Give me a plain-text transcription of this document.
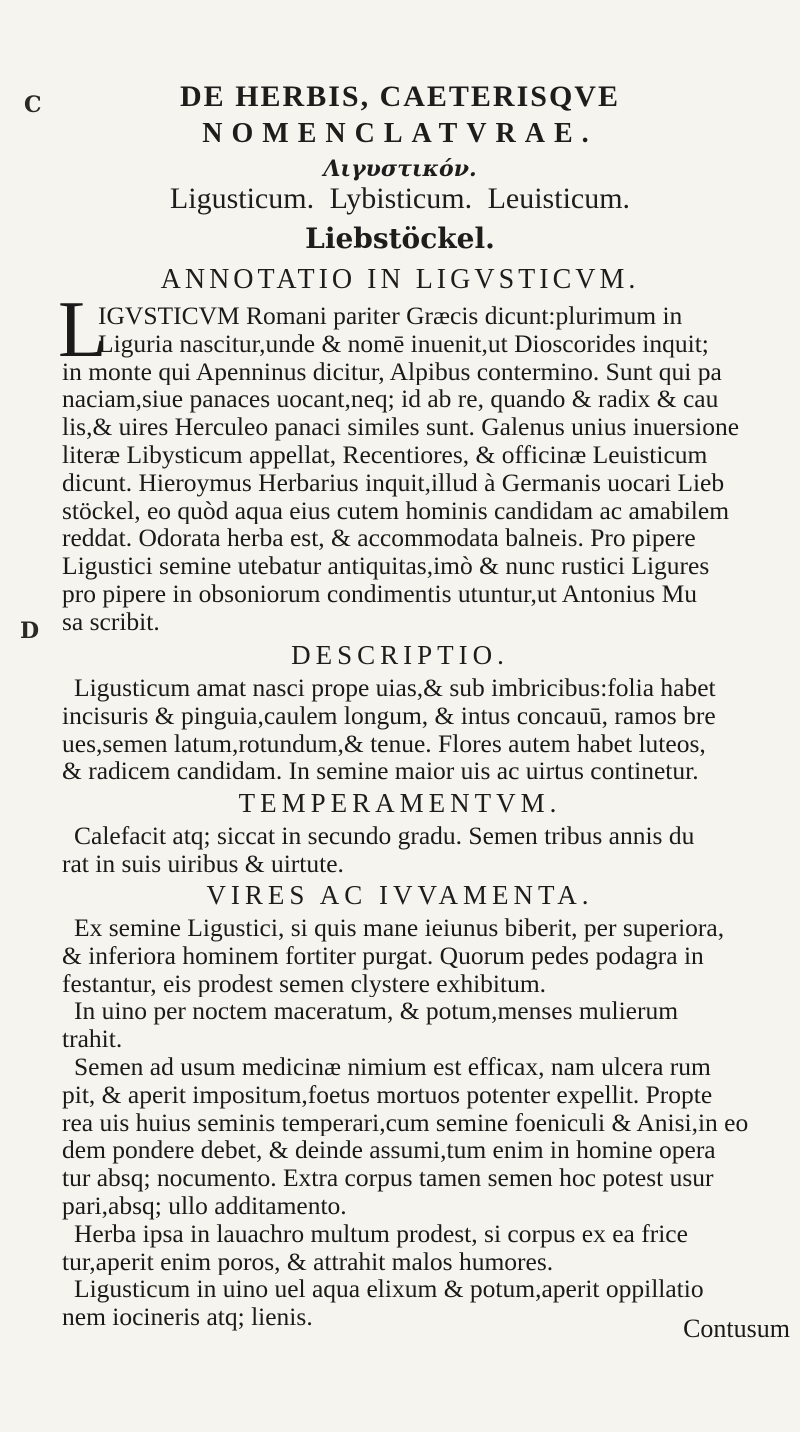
C
D
DE HERBIS, CAETERISQVE
NOMENCLATVRAE.
Λιγυστικόν.
Ligusticum. Lybisticum. Leuisticum.
Liebstöckel.
ANNOTATIO IN LIGVSTICVM.
L
IGVSTICVM Romani pariter Græcis dicunt:plurimum in
Liguria nascitur,unde & nomē inuenit,ut Dioscorides inquit;
in monte qui Apenninus dicitur, Alpibus contermino. Sunt qui pa
naciam,siue panaces uocant,neq; id ab re, quando & radix & cau
lis,& uires Herculeo panaci similes sunt. Galenus unius inuersione
literæ Libysticum appellat, Recentiores, & officinæ Leuisticum
dicunt. Hieroymus Herbarius inquit,illud à Germanis uocari Lieb
stöckel, eo quòd aqua eius cutem hominis candidam ac amabilem
reddat. Odorata herba est, & accommodata balneis. Pro pipere
Ligustici semine utebatur antiquitas,imò & nunc rustici Ligures
pro pipere in obsoniorum condimentis utuntur,ut Antonius Mu
sa scribit.
DESCRIPTIO.
Ligusticum amat nasci prope uias,& sub imbricibus:folia habet
incisuris & pinguia,caulem longum, & intus concauū, ramos bre
ues,semen latum,rotundum,& tenue. Flores autem habet luteos,
& radicem candidam. In semine maior uis ac uirtus continetur.
TEMPERAMENTVM.
Calefacit atq; siccat in secundo gradu. Semen tribus annis du
rat in suis uiribus & uirtute.
VIRES AC IVVAMENTA.
Ex semine Ligustici, si quis mane ieiunus biberit, per superiora,
& inferiora hominem fortiter purgat. Quorum pedes podagra in
festantur, eis prodest semen clystere exhibitum.
In uino per noctem maceratum, & potum,menses mulierum
trahit.
Semen ad usum medicinæ nimium est efficax, nam ulcera rum
pit, & aperit impositum,foetus mortuos potenter expellit. Propte
rea uis huius seminis temperari,cum semine foeniculi & Anisi,in eo
dem pondere debet, & deinde assumi,tum enim in homine opera
tur absq; nocumento. Extra corpus tamen semen hoc potest usur
pari,absq; ullo additamento.
Herba ipsa in lauachro multum prodest, si corpus ex ea frice
tur,aperit enim poros, & attrahit malos humores.
Ligusticum in uino uel aqua elixum & potum,aperit oppillatio
nem iocineris atq; lienis.	Contusum
